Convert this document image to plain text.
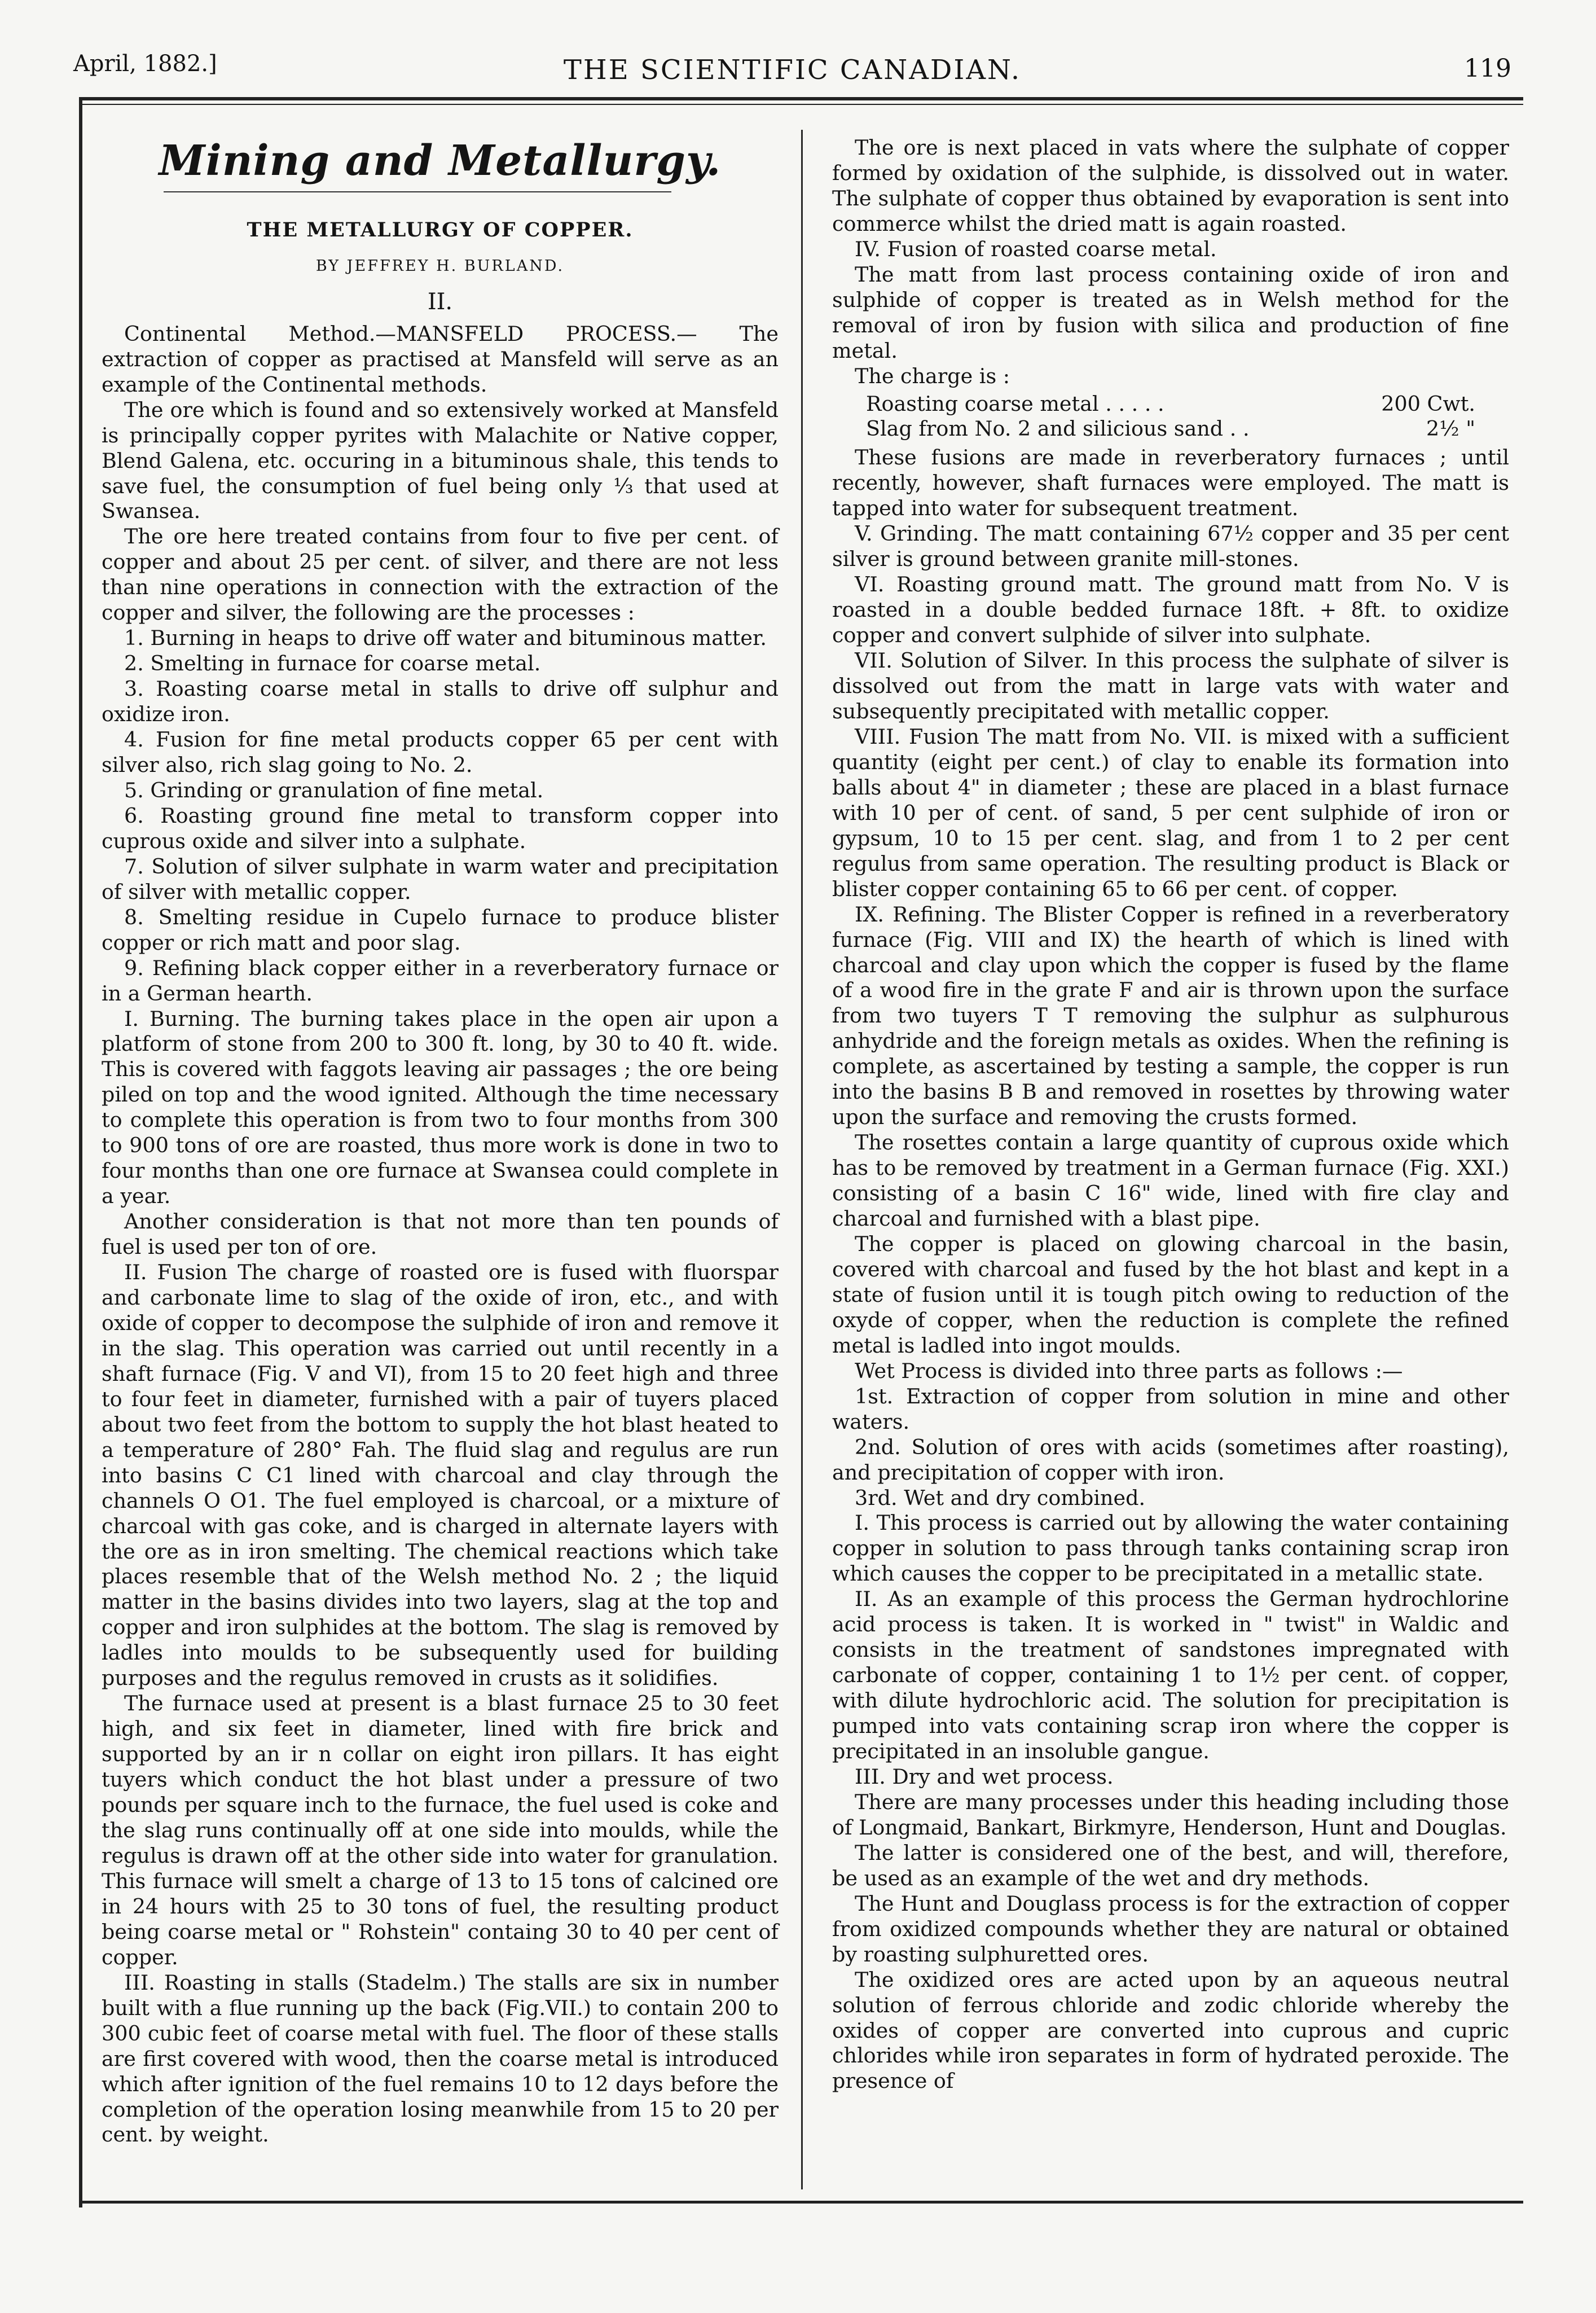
April, 1882.]	THE SCIENTIFIC CANADIAN.	119
Mining and Metallurgy.
THE METALLURGY OF COPPER.
BY JEFFREY H. BURLAND.
II.

Continental Method.—MANSFELD PROCESS.— The extraction of copper as practised at Mansfeld will serve as an example of the Continental methods.

The ore which is found and so extensively worked at Mansfeld is principally copper pyrites with Malachite or Native copper, Blend Galena, etc. occuring in a bituminous shale, this tends to save fuel, the consumption of fuel being only ⅓ that used at Swansea.

The ore here treated contains from four to five per cent. of copper and about 25 per cent. of silver, and there are not less than nine operations in connection with the extraction of the copper and silver, the following are the processes :

1. Burning in heaps to drive off water and bituminous matter.

2. Smelting in furnace for coarse metal.

3. Roasting coarse metal in stalls to drive off sulphur and oxidize iron.

4. Fusion for fine metal products copper 65 per cent with silver also, rich slag going to No. 2.

5. Grinding or granulation of fine metal.

6. Roasting ground fine metal to transform copper into cuprous oxide and silver into a sulphate.

7. Solution of silver sulphate in warm water and precipitation of silver with metallic copper.

8. Smelting residue in Cupelo furnace to produce blister copper or rich matt and poor slag.

9. Refining black copper either in a reverberatory furnace or in a German hearth.

I. Burning. The burning takes place in the open air upon a platform of stone from 200 to 300 ft. long, by 30 to 40 ft. wide. This is covered with faggots leaving air passages ; the ore being piled on top and the wood ignited. Although the time necessary to complete this operation is from two to four months from 300 to 900 tons of ore are roasted, thus more work is done in two to four months than one ore furnace at Swansea could complete in a year.

Another consideration is that not more than ten pounds of fuel is used per ton of ore.

II. Fusion The charge of roasted ore is fused with fluorspar and carbonate lime to slag of the oxide of iron, etc., and with oxide of copper to decompose the sulphide of iron and remove it in the slag. This operation was carried out until recently in a shaft furnace (Fig. V and VI), from 15 to 20 feet high and three to four feet in diameter, furnished with a pair of tuyers placed about two feet from the bottom to supply the hot blast heated to a temperature of 280° Fah. The fluid slag and regulus are run into basins C C1 lined with charcoal and clay through the channels O O1. The fuel employed is charcoal, or a mixture of charcoal with gas coke, and is charged in alternate layers with the ore as in iron smelting. The chemical reactions which take places resemble that of the Welsh method No. 2 ; the liquid matter in the basins divides into two layers, slag at the top and copper and iron sulphides at the bottom. The slag is removed by ladles into moulds to be subsequently used for building purposes and the regulus removed in crusts as it solidifies.

The furnace used at present is a blast furnace 25 to 30 feet high, and six feet in diameter, lined with fire brick and supported by an ir n collar on eight iron pillars. It has eight tuyers which conduct the hot blast under a pressure of two pounds per square inch to the furnace, the fuel used is coke and the slag runs continually off at one side into moulds, while the regulus is drawn off at the other side into water for granulation. This furnace will smelt a charge of 13 to 15 tons of calcined ore in 24 hours with 25 to 30 tons of fuel, the resulting product being coarse metal or " Rohstein" containg 30 to 40 per cent of copper.

III. Roasting in stalls (Stadelm.) The stalls are six in number built with a flue running up the back (Fig.VII.) to contain 200 to 300 cubic feet of coarse metal with fuel. The floor of these stalls are first covered with wood, then the coarse metal is introduced which after ignition of the fuel remains 10 to 12 days before the completion of the operation losing meanwhile from 15 to 20 per cent. by weight.

The ore is next placed in vats where the sulphate of copper formed by oxidation of the sulphide, is dissolved out in water. The sulphate of copper thus obtained by evaporation is sent into commerce whilst the dried matt is again roasted.

IV. Fusion of roasted coarse metal.

The matt from last process containing oxide of iron and sulphide of copper is treated as in Welsh method for the removal of iron by fusion with silica and production of fine metal.

The charge is :

Roasting coarse metal . . . . .	200 Cwt.
Slag from No. 2 and silicious sand . .	2½ "

These fusions are made in reverberatory furnaces ; until recently, however, shaft furnaces were employed. The matt is tapped into water for subsequent treatment.

V. Grinding. The matt containing 67½ copper and 35 per cent silver is ground between granite mill-stones.

VI. Roasting ground matt. The ground matt from No. V is roasted in a double bedded furnace 18ft. + 8ft. to oxidize copper and convert sulphide of silver into sulphate.

VII. Solution of Silver. In this process the sulphate of silver is dissolved out from the matt in large vats with water and subsequently precipitated with metallic copper.

VIII. Fusion The matt from No. VII. is mixed with a sufficient quantity (eight per cent.) of clay to enable its formation into balls about 4" in diameter ; these are placed in a blast furnace with 10 per of cent. of sand, 5 per cent sulphide of iron or gypsum, 10 to 15 per cent. slag, and from 1 to 2 per cent regulus from same operation. The resulting product is Black or blister copper containing 65 to 66 per cent. of copper.

IX. Refining. The Blister Copper is refined in a reverberatory furnace (Fig. VIII and IX) the hearth of which is lined with charcoal and clay upon which the copper is fused by the flame of a wood fire in the grate F and air is thrown upon the surface from two tuyers T T removing the sulphur as sulphurous anhydride and the foreign metals as oxides. When the refining is complete, as ascertained by testing a sample, the copper is run into the basins B B and removed in rosettes by throwing water upon the surface and removing the crusts formed.

The rosettes contain a large quantity of cuprous oxide which has to be removed by treatment in a German furnace (Fig. XXI.) consisting of a basin C 16" wide, lined with fire clay and charcoal and furnished with a blast pipe.

The copper is placed on glowing charcoal in the basin, covered with charcoal and fused by the hot blast and kept in a state of fusion until it is tough pitch owing to reduction of the oxyde of copper, when the reduction is complete the refined metal is ladled into ingot moulds.

Wet Process is divided into three parts as follows :—

1st. Extraction of copper from solution in mine and other waters.

2nd. Solution of ores with acids (sometimes after roasting), and precipitation of copper with iron.

3rd. Wet and dry combined.

I. This process is carried out by allowing the water containing copper in solution to pass through tanks containing scrap iron which causes the copper to be precipitated in a metallic state.

II. As an example of this process the German hydrochlorine acid process is taken. It is worked in " twist" in Waldic and consists in the treatment of sandstones impregnated with carbonate of copper, containing 1 to 1½ per cent. of copper, with dilute hydrochloric acid. The solution for precipitation is pumped into vats containing scrap iron where the copper is precipitated in an insoluble gangue.

III. Dry and wet process.

There are many processes under this heading including those of Longmaid, Bankart, Birkmyre, Henderson, Hunt and Douglas.

The latter is considered one of the best, and will, therefore, be used as an example of the wet and dry methods.

The Hunt and Douglass process is for the extraction of copper from oxidized compounds whether they are natural or obtained by roasting sulphuretted ores.

The oxidized ores are acted upon by an aqueous neutral solution of ferrous chloride and zodic chloride whereby the oxides of copper are converted into cuprous and cupric chlorides while iron separates in form of hydrated peroxide. The presence of
